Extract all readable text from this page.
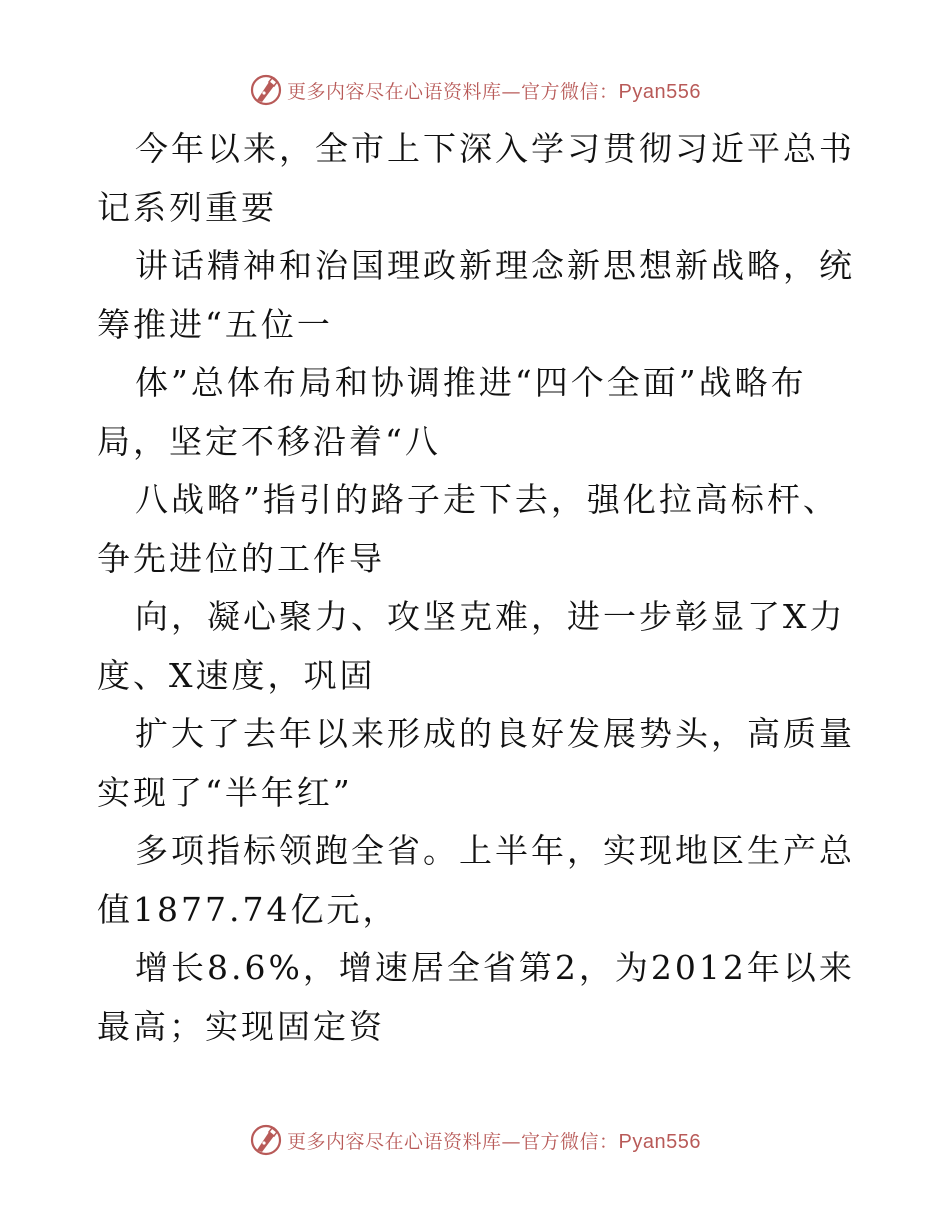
更多内容尽在心语资料库—官方微信：Pyan556

今年以来，全市上下深入学习贯彻习近平总书记系列重要

讲话精神和治国理政新理念新思想新战略，统筹推进“五位一

体”总体布局和协调推进“四个全面”战略布局，坚定不移沿着“八

八战略”指引的路子走下去，强化拉高标杆、争先进位的工作导

向，凝心聚力、攻坚克难，进一步彰显了X力度、X速度，巩固

扩大了去年以来形成的良好发展势头，高质量实现了“半年红”

多项指标领跑全省。上半年，实现地区生产总值1877.74亿元，

增长8.6%，增速居全省第2，为2012年以来最高；实现固定资

更多内容尽在心语资料库—官方微信：Pyan556
